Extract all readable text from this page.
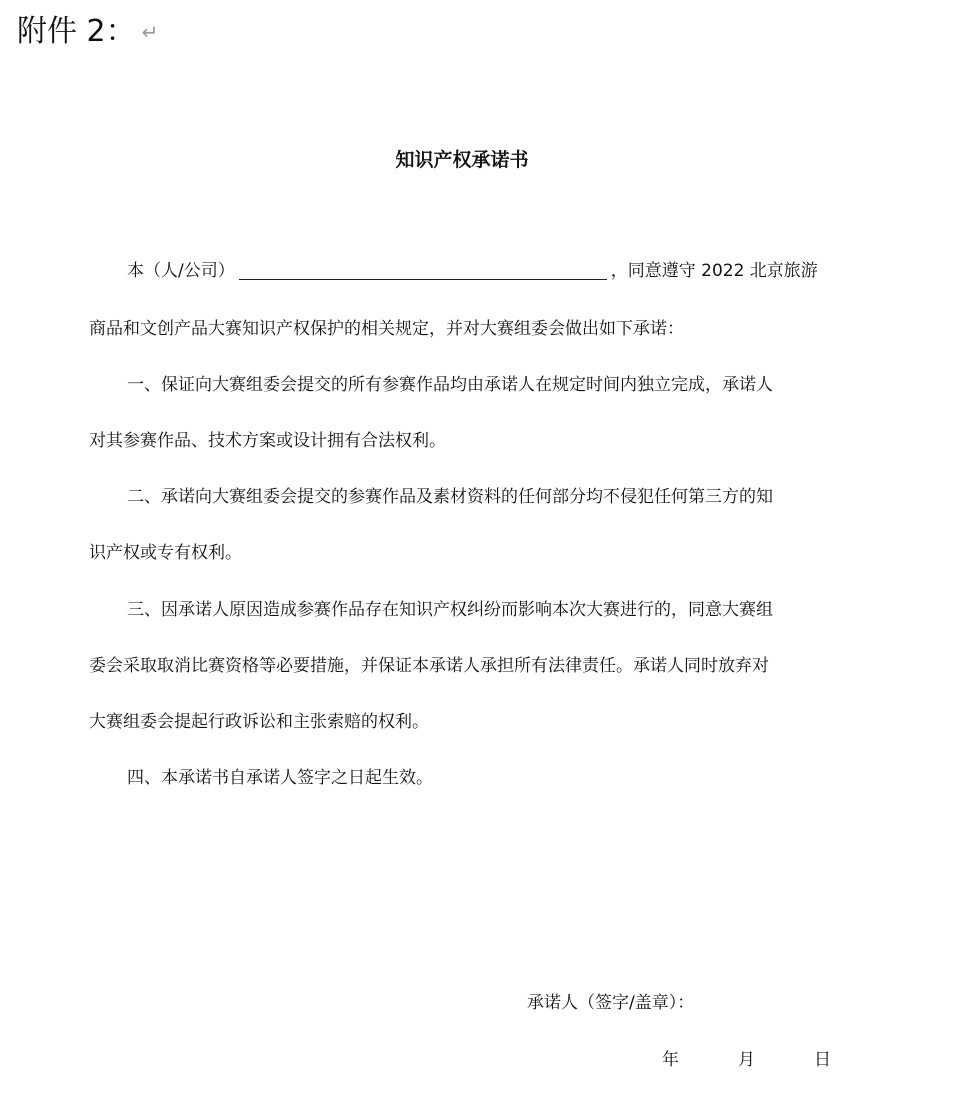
附件 2： ↵
知识产权承诺书
本（人/公司）	，同意遵守 2022 北京旅游
商品和文创产品大赛知识产权保护的相关规定，并对大赛组委会做出如下承诺：
一、保证向大赛组委会提交的所有参赛作品均由承诺人在规定时间内独立完成，承诺人
对其参赛作品、技术方案或设计拥有合法权利。
二、承诺向大赛组委会提交的参赛作品及素材资料的任何部分均不侵犯任何第三方的知
识产权或专有权利。
三、因承诺人原因造成参赛作品存在知识产权纠纷而影响本次大赛进行的，同意大赛组
委会采取取消比赛资格等必要措施，并保证本承诺人承担所有法律责任。承诺人同时放弃对
大赛组委会提起行政诉讼和主张索赔的权利。
四、本承诺书自承诺人签字之日起生效。
承诺人（签字/盖章）：
年	月	日
